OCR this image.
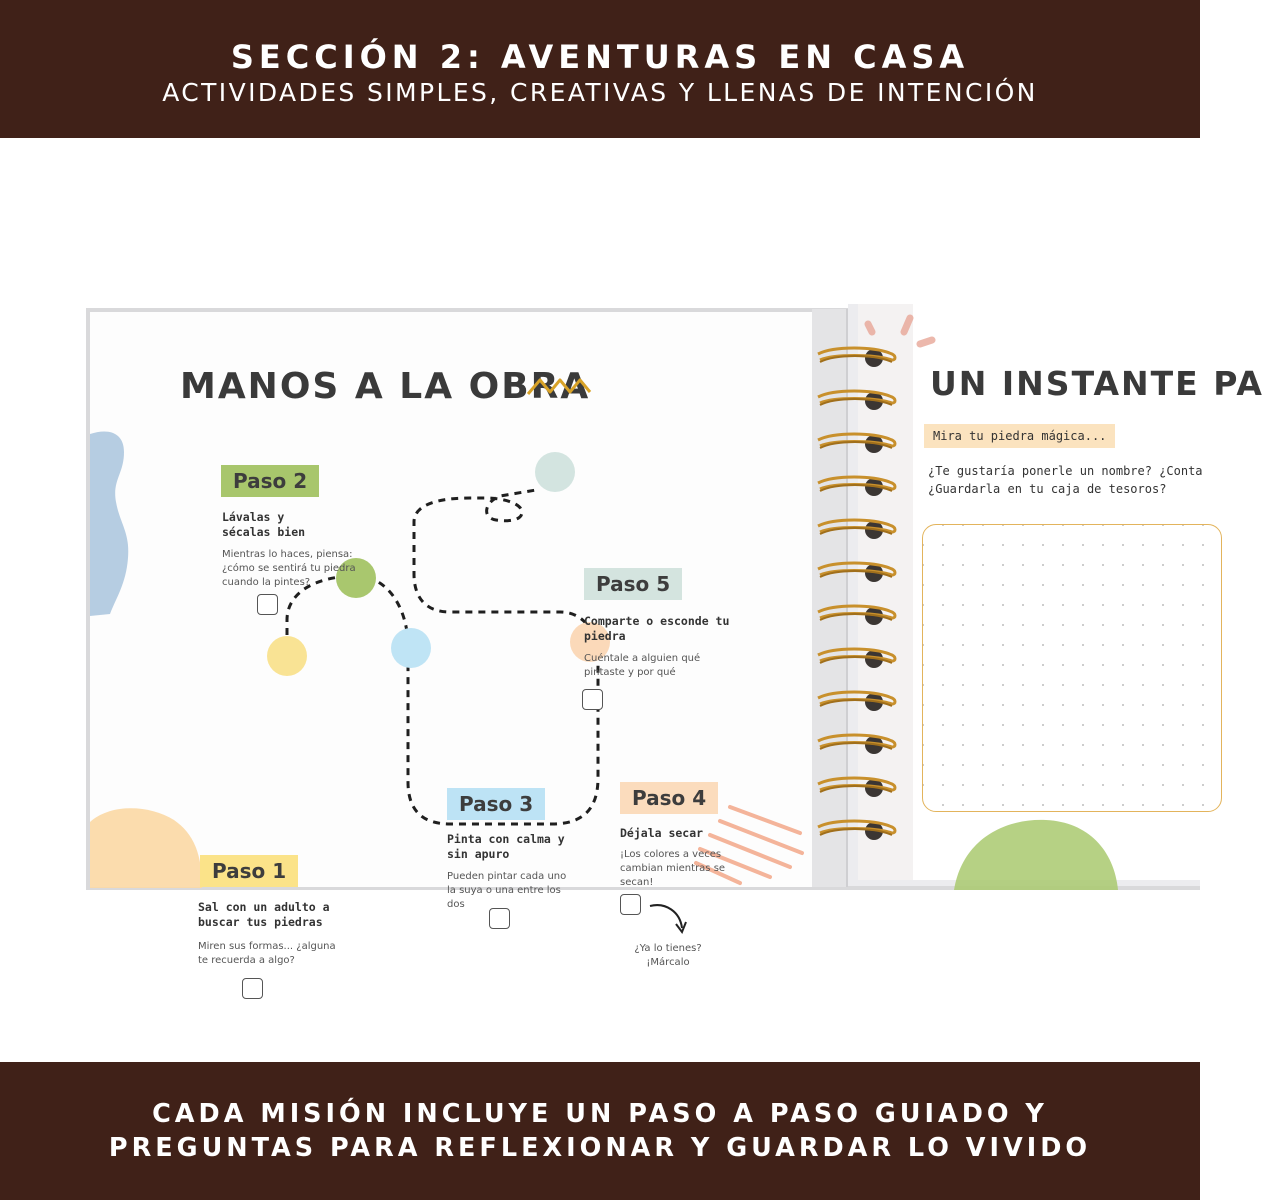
SECCIÓN 2: AVENTURAS EN CASA
ACTIVIDADES SIMPLES, CREATIVAS Y LLENAS DE INTENCIÓN
MANOS A LA OBRA
Paso 1
Sal con un adulto a buscar tus piedras
Miren sus formas... ¿alguna te recuerda a algo?
Paso 2
Lávalas y sécalas bien
Mientras lo haces, piensa: ¿cómo se sentirá tu piedra cuando la pintes?
Paso 3
Pinta con calma y sin apuro
Pueden pintar cada uno la suya o una entre los dos
Paso 4
Déjala secar
¡Los colores a veces cambian mientras se secan!
¿Ya lo tienes? ¡Márcalo
Paso 5
Comparte o esconde tu piedra
Cuéntale a alguien qué pintaste y por qué
UN INSTANTE PA
Mira tu piedra mágica...
¿Te gustaría ponerle un nombre? ¿Conta
¿Guardarla en tu caja de tesoros?
CADA MISIÓN INCLUYE UN PASO A PASO GUIADO Y
PREGUNTAS PARA REFLEXIONAR Y GUARDAR LO VIVIDO
